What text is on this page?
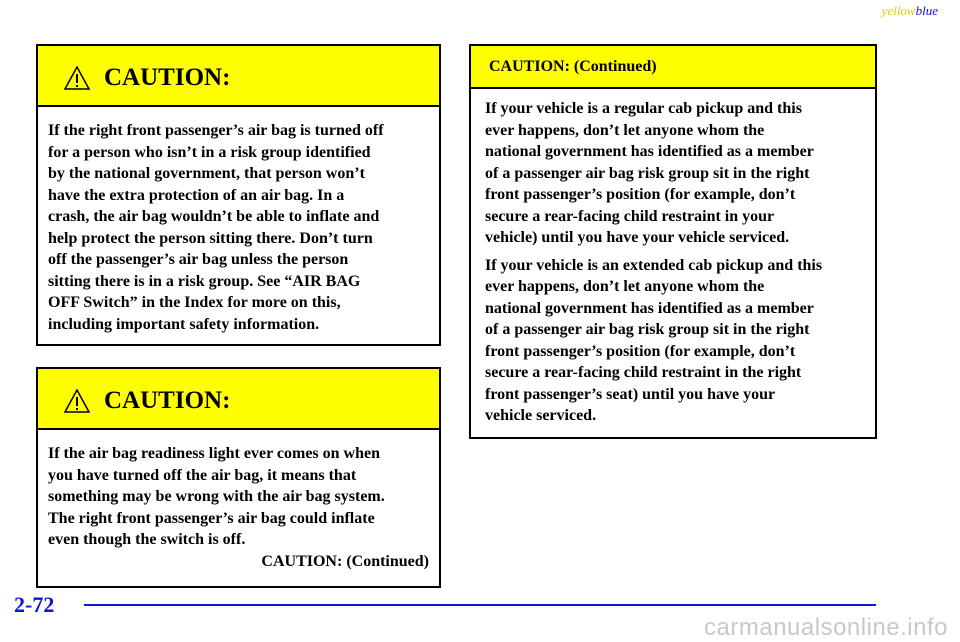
yellowblue
CAUTION:

If the right front passenger’s air bag is turned off
for a person who isn’t in a risk group identified
by the national government, that person won’t
have the extra protection of an air bag. In a
crash, the air bag wouldn’t be able to inflate and
help protect the person sitting there. Don’t turn
off the passenger’s air bag unless the person
sitting there is in a risk group. See “AIR BAG
OFF Switch” in the Index for more on this,
including important safety information.

CAUTION:

If the air bag readiness light ever comes on when
you have turned off the air bag, it means that
something may be wrong with the air bag system.
The right front passenger’s air bag could inflate
even though the switch is off.

CAUTION: (Continued)

CAUTION: (Continued)

If your vehicle is a regular cab pickup and this
ever happens, don’t let anyone whom the
national government has identified as a member
of a passenger air bag risk group sit in the right
front passenger’s position (for example, don’t
secure a rear-facing child restraint in your
vehicle) until you have your vehicle serviced.

If your vehicle is an extended cab pickup and this
ever happens, don’t let anyone whom the
national government has identified as a member
of a passenger air bag risk group sit in the right
front passenger’s position (for example, don’t
secure a rear-facing child restraint in the right
front passenger’s seat) until you have your
vehicle serviced.

2-72
carmanualsonline.info
